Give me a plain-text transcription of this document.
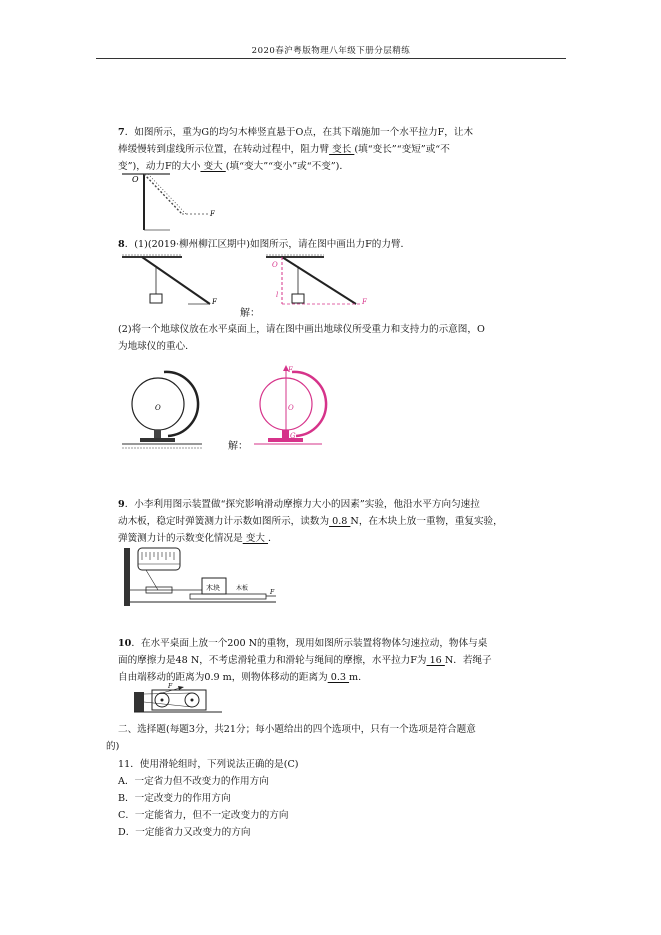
2020春沪粤版物理八年级下册分层精练
7．如图所示，重为G的均匀木棒竖直悬于O点，在其下端施加一个水平拉力F，让木
棒缓慢转到虚线所示位置，在转动过程中，阻力臂 变长 (填“变长”“变短”或“不
变”)，动力F的大小 变大 (填“变大”“变小”或“不变”)．
O
F
8．(1)(2019·柳州柳江区期中)如图所示，请在图中画出力F的力臂．
F
解：
O
l
F
(2)将一个地球仪放在水平桌面上，请在图中画出地球仪所受重力和支持力的示意图，O
为地球仪的重心．
O
解：
O
F
G
9．小李利用图示装置做“探究影响滑动摩擦力大小的因素”实验，他沿水平方向匀速拉
动木板，稳定时弹簧测力计示数如图所示，读数为 0.8 N，在木块上放一重物，重复实验，
弹簧测力计的示数变化情况是 变大 ．
木块	木板
F
10．在水平桌面上放一个200 N的重物，现用如图所示装置将物体匀速拉动，物体与桌
面的摩擦力是48 N，不考虑滑轮重力和滑轮与绳间的摩擦，水平拉力F为 16 N．若绳子
自由端移动的距离为0.9 m，则物体移动的距离为 0.3 m.
F
二、选择题(每题3分，共21分；每小题给出的四个选项中，只有一个选项是符合题意
的)
11．使用滑轮组时，下列说法正确的是(C)
A．一定省力但不改变力的作用方向
B．一定改变力的作用方向
C．一定能省力，但不一定改变力的方向
D．一定能省力又改变力的方向
